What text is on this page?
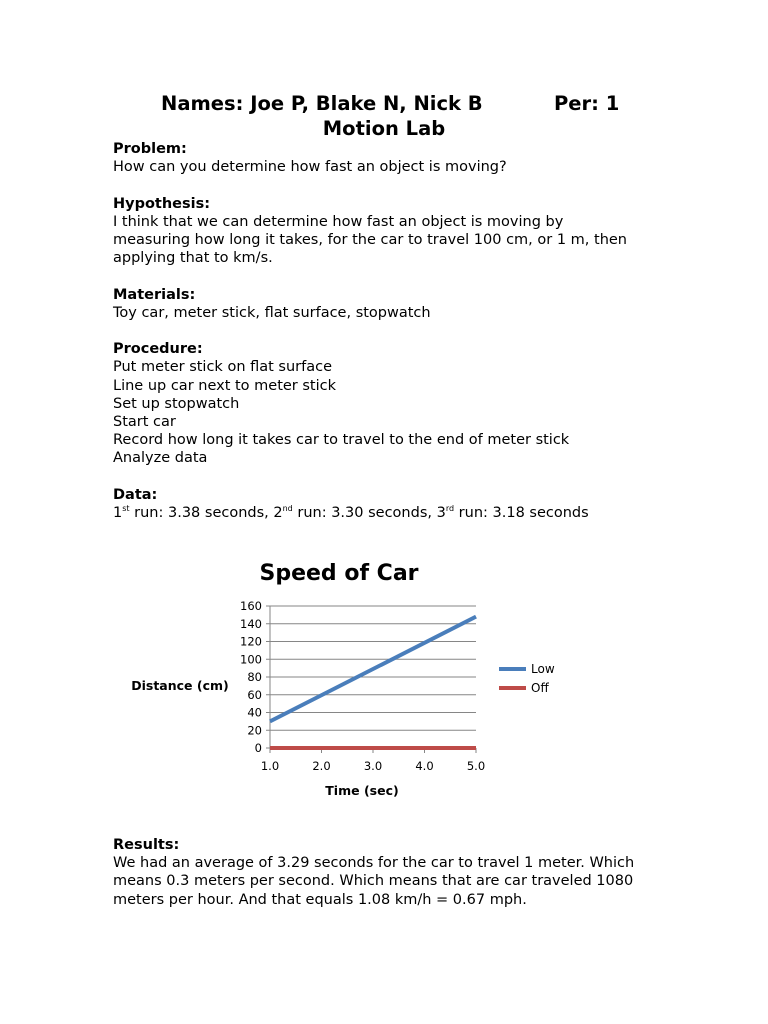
Names: Joe P, Blake N, Nick B	Per: 1
Motion Lab
Problem:
How can you determine how fast an object is moving?
Hypothesis:
I think that we can determine how fast an object is moving by
measuring how long it takes, for the car to travel 100 cm, or 1 m, then
applying that to km/s.
Materials:
Toy car, meter stick, flat surface, stopwatch
Procedure:
Put meter stick on flat surface
Line up car next to meter stick
Set up stopwatch
Start car
Record how long it takes car to travel to the end of meter stick
Analyze data
Data:
1st run: 3.38 seconds, 2nd run: 3.30 seconds, 3rd run: 3.18 seconds
Speed of Car
Distance (cm)
Time (sec)
0
20
40
60
80
100
120
140
160
1.0	2.0	3.0	4.0	5.0
Low
Off
Results:
We had an average of 3.29 seconds for the car to travel 1 meter. Which
means 0.3 meters per second. Which means that are car traveled 1080
meters per hour. And that equals 1.08 km/h = 0.67 mph.
